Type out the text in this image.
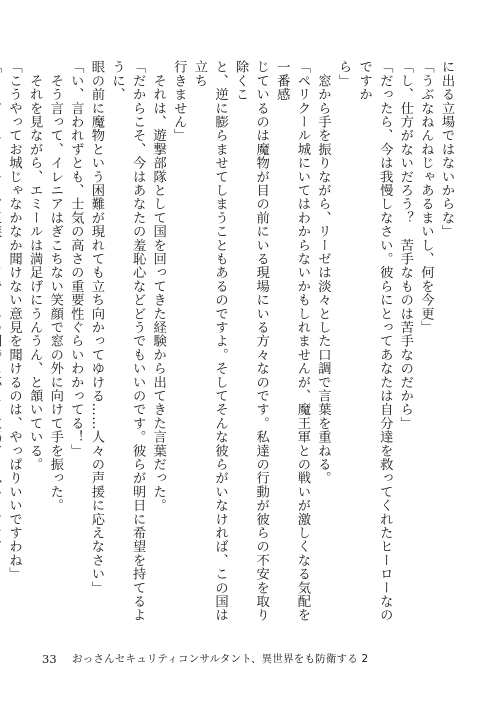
に出る立場ではないからな」

「うぶなねんねじゃあるまいし、何を今更」

「し、仕方がないだろう？　苦手なものは苦手なのだから」

「だったら、今は我慢しなさい。彼らにとってあなたは自分達を救ってくれたヒーローなのですか

ら」

　窓から手を振りながら、リーゼは淡々とした口調で言葉を重ねる。

「ペリクール城にいてはわからないかもしれませんが、魔王軍との戦いが激しくなる気配を一番感

じているのは魔物が目の前にいる現場にいる方々なのです。私達の行動が彼らの不安を取り除くこ

と、逆に膨らませてしまうこともあるのですよ。そしてそんな彼らがいなければ、この国は立ち

行きません」

　それは、遊撃部隊として国を回ってきた経験から出てきた言葉だった。

「だからこそ、今はあなたの羞恥心などどうでもいいのです。彼らが明日に希望を持てるように、

眼の前に魔物という困難が現れても立ち向かってゆける……人々の声援に応えなさい」

「い、言われずとも、士気の高さの重要性ぐらいわかってる！」

　そう言って、イレニアはぎこちない笑顔で窓の外に向けて手を振った。

　それを見ながら、エミールは満足げにうんうん、と頷いている。

「こうやってお城じゃなかなか聞けない意見を聞けるのは、やっぱりいいですわね」

33 おっさんセキュリティコンサルタント、異世界をも防衛する 2
